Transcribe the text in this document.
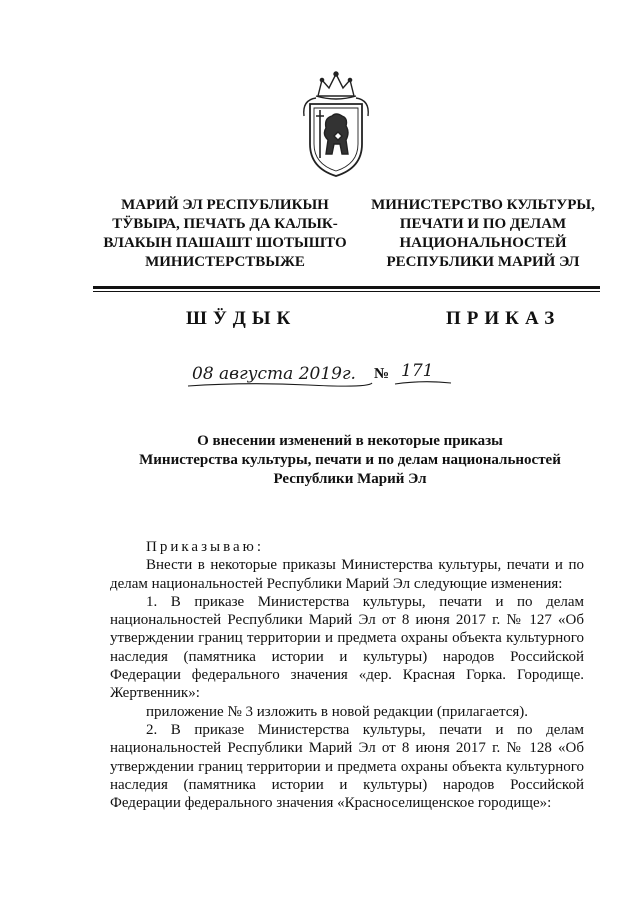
МАРИЙ ЭЛ РЕСПУБЛИКЫН
ТӰВЫРА, ПЕЧАТЬ ДА КАЛЫК-
ВЛАКЫН ПАШАШТ ШОТЫШТО
МИНИСТЕРСТВЫЖЕ
МИНИСТЕРСТВО КУЛЬТУРЫ,
ПЕЧАТИ И ПО ДЕЛАМ
НАЦИОНАЛЬНОСТЕЙ
РЕСПУБЛИКИ МАРИЙ ЭЛ
ШӰДЫК	ПРИКАЗ
08 августа 2019г. № 171
О внесении изменений в некоторые приказы
Министерства культуры, печати и по делам национальностей
Республики Марий Эл

Приказываю:

Внести в некоторые приказы Министерства культуры, печати и по делам национальностей Республики Марий Эл следующие изменения:

1. В приказе Министерства культуры, печати и по делам национальностей Республики Марий Эл от 8 июня 2017 г. № 127 «Об утверждении границ территории и предмета охраны объекта культурного наследия (памятника истории и культуры) народов Российской Федерации федерального значения «дер. Красная Горка. Городище. Жертвенник»:

приложение № 3 изложить в новой редакции (прилагается).

2. В приказе Министерства культуры, печати и по делам национальностей Республики Марий Эл от 8 июня 2017 г. № 128 «Об утверждении границ территории и предмета охраны объекта культурного наследия (памятника истории и культуры) народов Российской Федерации федерального значения «Красноселищенское городище»:
